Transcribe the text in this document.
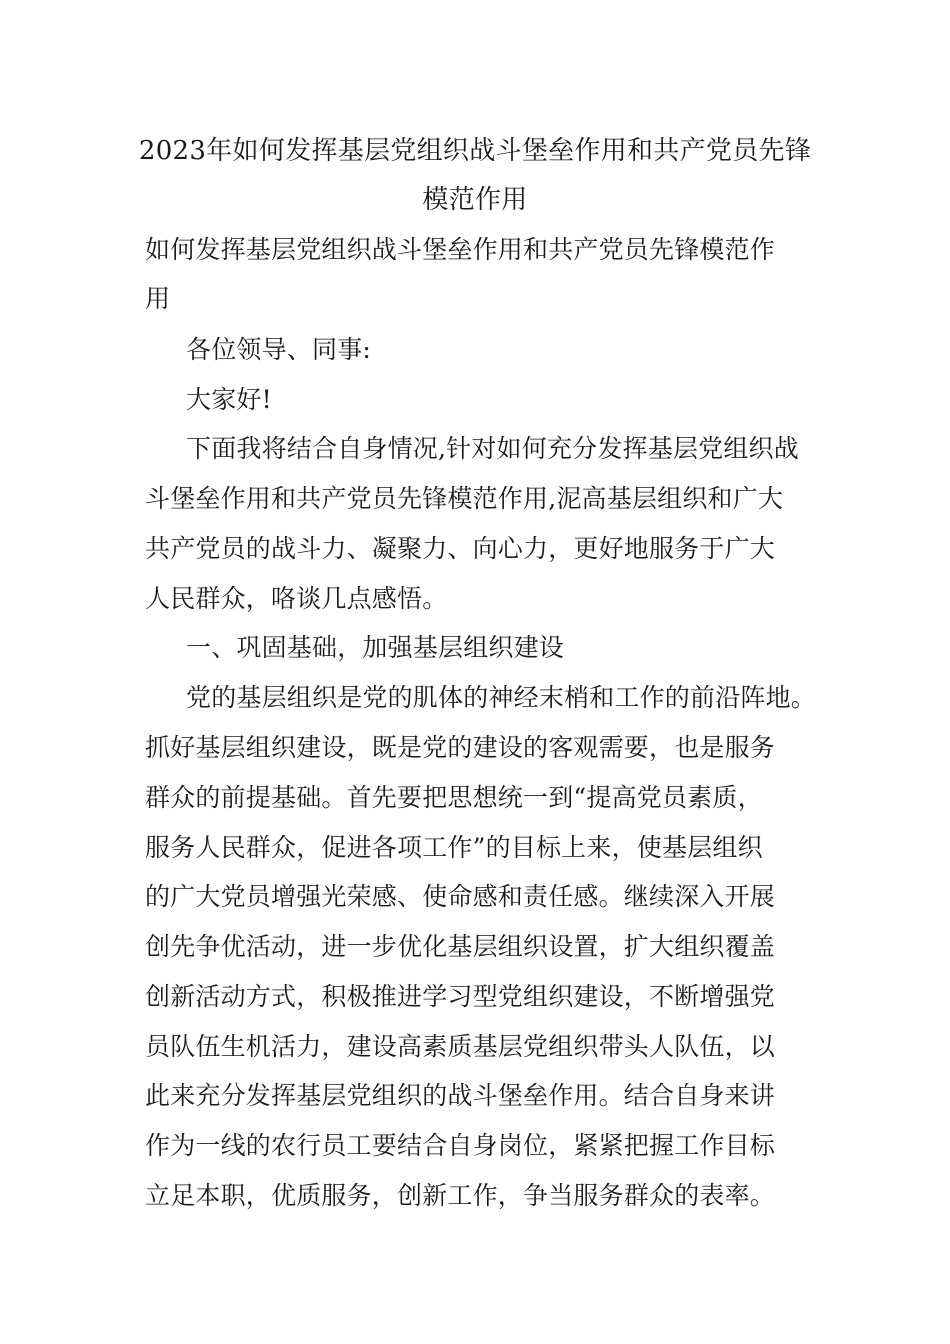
2023年如何发挥基层党组织战斗堡垒作用和共产党员先锋
模范作用
如何发挥基层党组织战斗堡垒作用和共产党员先锋模范作
用
各位领导、同事:
大家好!
下面我将结合自身情况,针对如何充分发挥基层党组织战
斗堡垒作用和共产党员先锋模范作用,泥高基层组织和广大
共产党员的战斗力、凝聚力、向心力，更好地服务于广大
人民群众，咯谈几点感悟。
一、巩固基础，加强基层组织建设
党的基层组织是党的肌体的神经末梢和工作的前沿阵地。
抓好基层组织建设，既是党的建设的客观需要，也是服务
群众的前提基础。首先要把思想统一到“提高党员素质，
服务人民群众，促进各项工作”的目标上来，使基层组织
的广大党员增强光荣感、使命感和责任感。继续深入开展
创先争优活动，进一步优化基层组织设置，扩大组织覆盖
创新活动方式，积极推进学习型党组织建设，不断增强党
员队伍生机活力，建设高素质基层党组织带头人队伍，以
此来充分发挥基层党组织的战斗堡垒作用。结合自身来讲
作为一线的农行员工要结合自身岗位，紧紧把握工作目标
立足本职，优质服务，创新工作，争当服务群众的表率。
